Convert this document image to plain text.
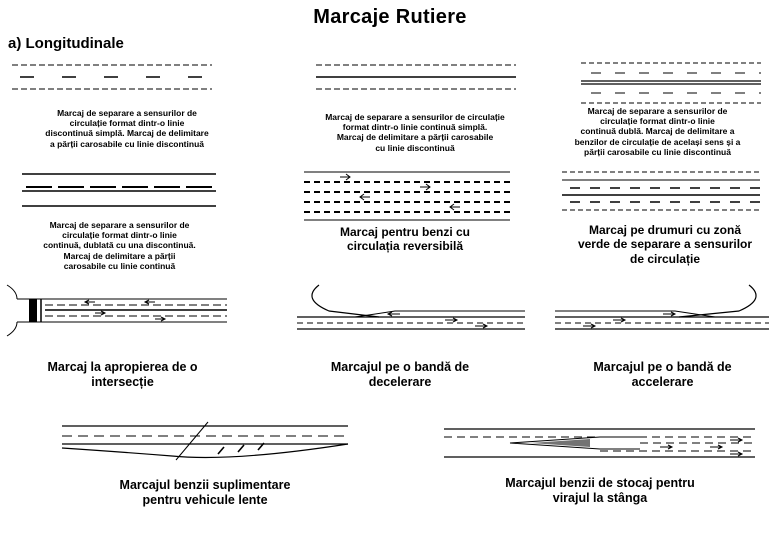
Marcaje Rutiere
a) Longitudinale
Marcaj de separare a sensurilor de
circulație format dintr-o linie
discontinuă simplă. Marcaj de delimitare
a părții carosabile cu linie discontinuă
Marcaj de separare a sensurilor de circulație
format dintr-o linie continuă simplă.
Marcaj de delimitare a părții carosabile
cu linie discontinuă
Marcaj de separare a sensurilor de
circulație format dintr-o linie
continuă dublă. Marcaj de delimitare a
benzilor de circulație de același sens și a
părții carosabile cu linie discontinuă
Marcaj de separare a sensurilor de
circulație format dintr-o linie
continuă, dublată cu una discontinuă.
Marcaj de delimitare a părții
carosabile cu linie continuă
Marcaj pentru benzi cu
circulația reversibilă
Marcaj pe drumuri cu zonă
verde de separare a sensurilor
de circulație
Marcaj la apropierea de o
intersecție
Marcajul pe o bandă de
decelerare
Marcajul pe o bandă de
accelerare
Marcajul benzii suplimentare
pentru vehicule lente
Marcajul benzii de stocaj pentru
virajul la stânga
